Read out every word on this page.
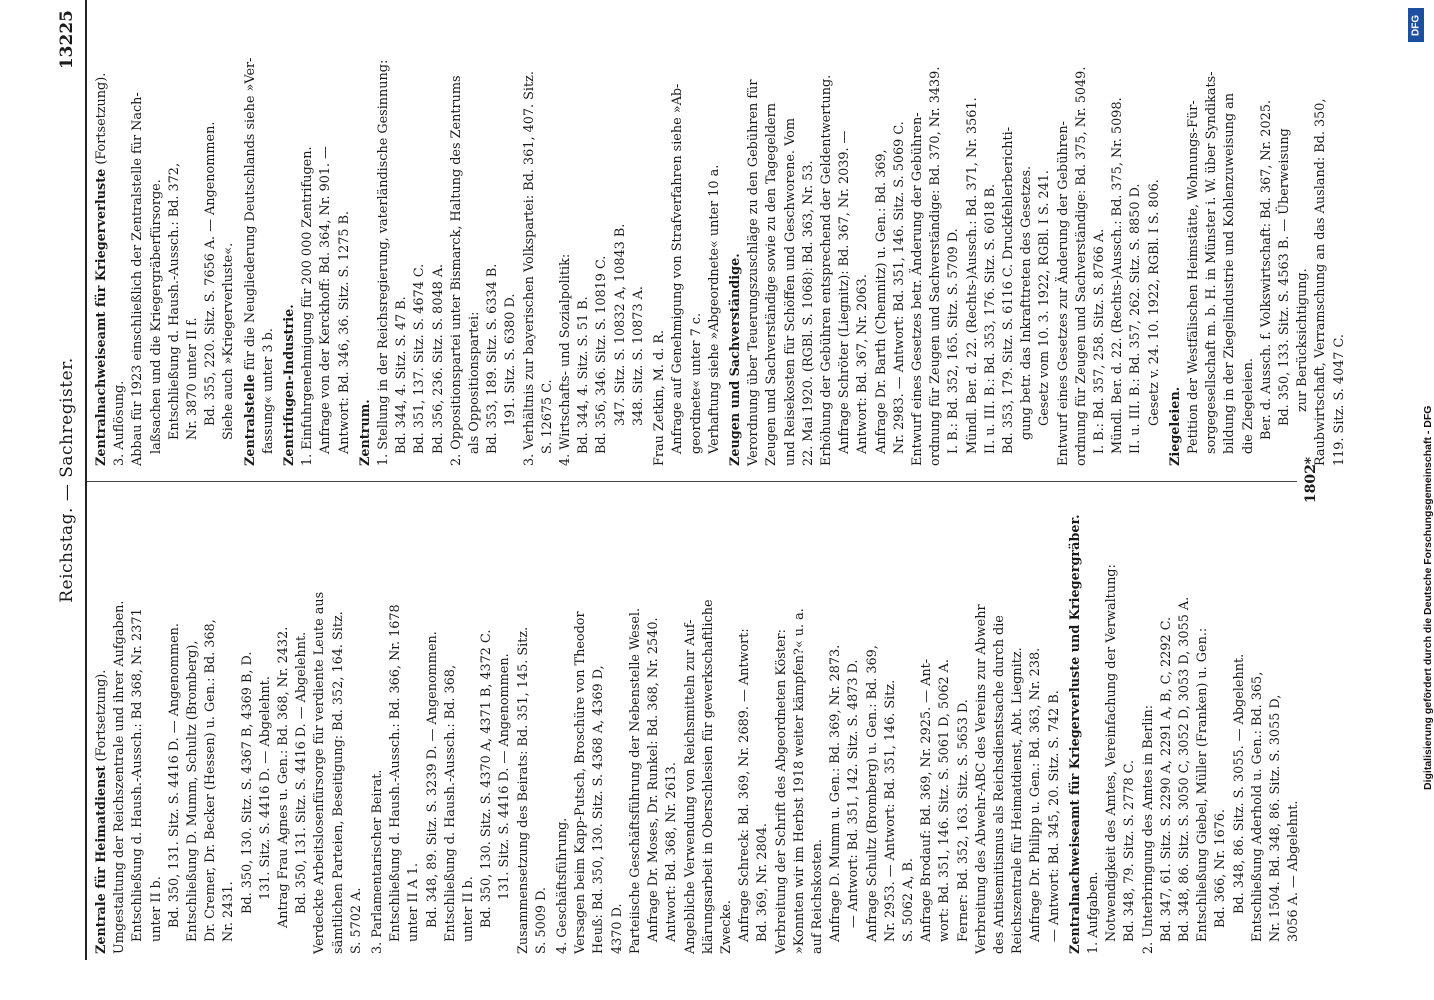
Reichstag. — Sachregister.
13225
Zentrale für Heimatdienst (Fortsetzung). Umgestaltung der Reichszentrale und ihrer Aufgaben. Entschließung d. Haush.-Aussch.: Bd 368, Nr. 2371 unter II b. Bd. 350, 131. Sitz. S. 4416 D. — Angenommen. Entschließung D. Mumm, Schultz (Bromberg), Dr. Cremer, Dr. Becker (Hessen) u. Gen.: Bd. 368, Nr. 2431. Bd. 350, 130. Sitz. S. 4367 B, 4369 B, D. 131. Sitz. S. 4416 D. — Abgelehnt. Antrag Frau Agnes u. Gen.: Bd. 368, Nr. 2432. Bd. 350, 131. Sitz. S. 4416 D. — Abgelehnt. Verdeckte Arbeitslosenfürsorge für verdiente Leute aus sämtlichen Parteien, Beseitigung: Bd. 352, 164. Sitz. S. 5702 A. 3. Parlamentarischer Beirat. Entschließung d. Haush.-Aussch.: Bd. 366, Nr. 1678 unter II A 1. Bd. 348, 89. Sitz. S. 3239 D. — Angenommen. Entschließung d. Haush.-Aussch.: Bd. 368, unter II b. Bd. 350, 130. Sitz. S. 4370 A, 4371 B, 4372 C. 131. Sitz. S. 4416 D. — Angenommen. Zusammensetzung des Beirats: Bd. 351, 145. Sitz. S. 5009 D. 4. Geschäftsführung. Versagen beim Kapp-Putsch, Broschüre von Theodor Heuß: Bd. 350, 130. Sitz. S. 4368 A, 4369 D, 4370 D. Parteiische Geschäftsführung der Nebenstelle Wesel. Anfrage Dr. Moses, Dr. Runkel: Bd. 368, Nr. 2540. Antwort: Bd. 368, Nr. 2613. Angebliche Verwendung von Reichsmitteln zur Auf- klärungsarbeit in Oberschlesien für gewerkschaftliche Zwecke. Anfrage Schreck: Bd. 369, Nr. 2689. — Antwort: Bd. 369, Nr. 2804. Verbreitung der Schrift des Abgeordneten Köster: »Konnten wir im Herbst 1918 weiter kämpfen?« u. a. auf Reichskosten. Anfrage D. Mumm u. Gen.: Bd. 369, Nr. 2873. — Antwort: Bd. 351, 142. Sitz. S. 4873 D. Anfrage Schultz (Bromberg) u. Gen.: Bd. 369, Nr. 2953. — Antwort: Bd. 351, 146. Sitz. S. 5062 A, B. Anfrage Brodauf: Bd. 369, Nr. 2925. — Ant- wort: Bd. 351, 146. Sitz. S. 5061 D, 5062 A. Ferner: Bd. 352, 163. Sitz. S. 5653 D. Verbreitung des Abwehr-ABC des Vereins zur Abwehr des Antisemitismus als Reichsdienstsache durch die Reichszentrale für Heimatdienst, Abt. Liegnitz. Anfrage Dr. Philipp u. Gen.: Bd. 363, Nr. 238. — Antwort: Bd. 345, 20. Sitz. S. 742 B. Zentralnachweiseamt für Kriegerverluste und Kriegergräber. 1. Aufgaben. Notwendigkeit des Amtes, Vereinfachung der Verwaltung: Bd. 348, 79. Sitz. S. 2778 C. 2. Unterbringung des Amtes in Berlin: Bd. 347, 61. Sitz. S. 2290 A, 2291 A, B, C, 2292 C. Bd. 348, 86. Sitz. S. 3050 C, 3052 D, 3053 D, 3055 A. Entschließung Giebel, Müller (Franken) u. Gen.: Bd. 366, Nr. 1676. Bd. 348, 86. Sitz. S. 3055. — Abgelehnt. Entschließung Aderhold u. Gen.: Bd. 365, Nr. 1504. Bd. 348, 86. Sitz. S. 3055 D, 3056 A. — Abgelehnt.
Zentralnachweiseamt für Kriegerverluste (Fortsetzung).
3. Auflösung. Abbau für 1923 einschließlich der Zentralstelle für Nach- laßsachen und die Kriegergräberfürsorge. Entschließung d. Haush.-Aussch.: Bd. 372, Nr. 3870 unter II f. Bd. 355, 220. Sitz. S. 7656 A. — Angenommen. Siehe auch »Kriegerverluste«. Zentralstelle für die Neugliederung Deutschlands siehe »Ver-
fassung« unter 3 b. Zentrifugen-Industrie. 1. Einfuhrgenehmigung für 200 000 Zentrifugen. Anfrage von der Kerckhoff: Bd. 364, Nr. 901. — Antwort: Bd. 346, 36. Sitz. S. 1275 B. Zentrum. 1. Stellung in der Reichsregierung, vaterländische Gesinnung: Bd. 344, 4. Sitz. S. 47 B. Bd. 351, 137. Sitz. S. 4674 C. Bd. 356, 236. Sitz. S. 8048 A. 2. Oppositionspartei unter Bismarck, Haltung des Zentrums als Oppositionspartei: Bd. 353, 189. Sitz. S. 6334 B. 191. Sitz. S. 6380 D. 3. Verhältnis zur bayerischen Volkspartei: Bd. 361, 407. Sitz. S. 12675 C. 4. Wirtschafts- und Sozialpolitik: Bd. 344, 4. Sitz. S. 51 B. Bd. 356, 346. Sitz. S. 10819 C. 347. Sitz. S. 10832 A, 10843 B. 348. Sitz. S. 10873 A. Frau Zetkin, M. d. R. Anfrage auf Genehmigung von Strafverfahren siehe »Ab- geordnete« unter 7 c. Verhaftung siehe »Abgeordnete« unter 10 a. Zeugen und Sachverständige. Verordnung über Teuerungszuschläge zu den Gebühren für Zeugen und Sachverständige sowie zu den Tagegeldern und Reisekosten für Schöffen und Geschworene. Vom 22. Mai 1920. (RGBl. S. 1068): Bd. 363, Nr. 53. Erhöhung der Gebühren entsprechend der Geldentwertung. Anfrage Schröter (Liegnitz): Bd. 367, Nr. 2039. — Antwort: Bd. 367, Nr. 2063. Anfrage Dr. Barth (Chemnitz) u. Gen.: Bd. 369, Nr. 2983. — Antwort: Bd. 351, 146. Sitz. S. 5069 C. Entwurf eines Gesetzes betr. Änderung der Gebühren- ordnung für Zeugen und Sachverständige: Bd. 370, Nr. 3439. I. B.: Bd. 352, 165. Sitz. S. 5709 D. Mündl. Ber. d. 22. (Rechts-)Aussch.: Bd. 371, Nr. 3561. II. u. III. B.: Bd. 353, 176. Sitz. S. 6018 B. Bd. 353, 179. Sitz. S. 6116 C. Druckfehlerberichti- gung betr. das Inkrafttreten des Gesetzes. Gesetz vom 10. 3. 1922, RGBl. I S. 241. Entwurf eines Gesetzes zur Änderung der Gebühren- ordnung für Zeugen und Sachverständige: Bd. 375, Nr. 5049. I. B.: Bd. 357, 258. Sitz. S. 8766 A. Mündl. Ber. d. 22. (Rechts-)Aussch.: Bd. 375, Nr. 5098. II. u. III. B.: Bd. 357, 262. Sitz. S. 8850 D. Gesetz v. 24. 10. 1922, RGBl. I S. 806.
Ziegeleien. Petition der Westfälischen Heimstätte, Wohnungs-Für- sorgegesellschaft m. b. H. in Münster i. W. über Syndikats- bildung in der Ziegelindustrie und Kohlenzuweisung an die Ziegeleien. Ber. d. Aussch. f. Volkswirtschaft: Bd. 367, Nr. 2025. Bd. 350, 133. Sitz. S. 4563 B. — Überweisung zur Berücksichtigung. Raubwirtschaft, Verramschung an das Ausland: Bd. 350, 119. Sitz. S. 4047 C.
1802*
DFG
Digitalisierung gefördert durch die Deutsche Forschungsgemeinschaft - DFG
